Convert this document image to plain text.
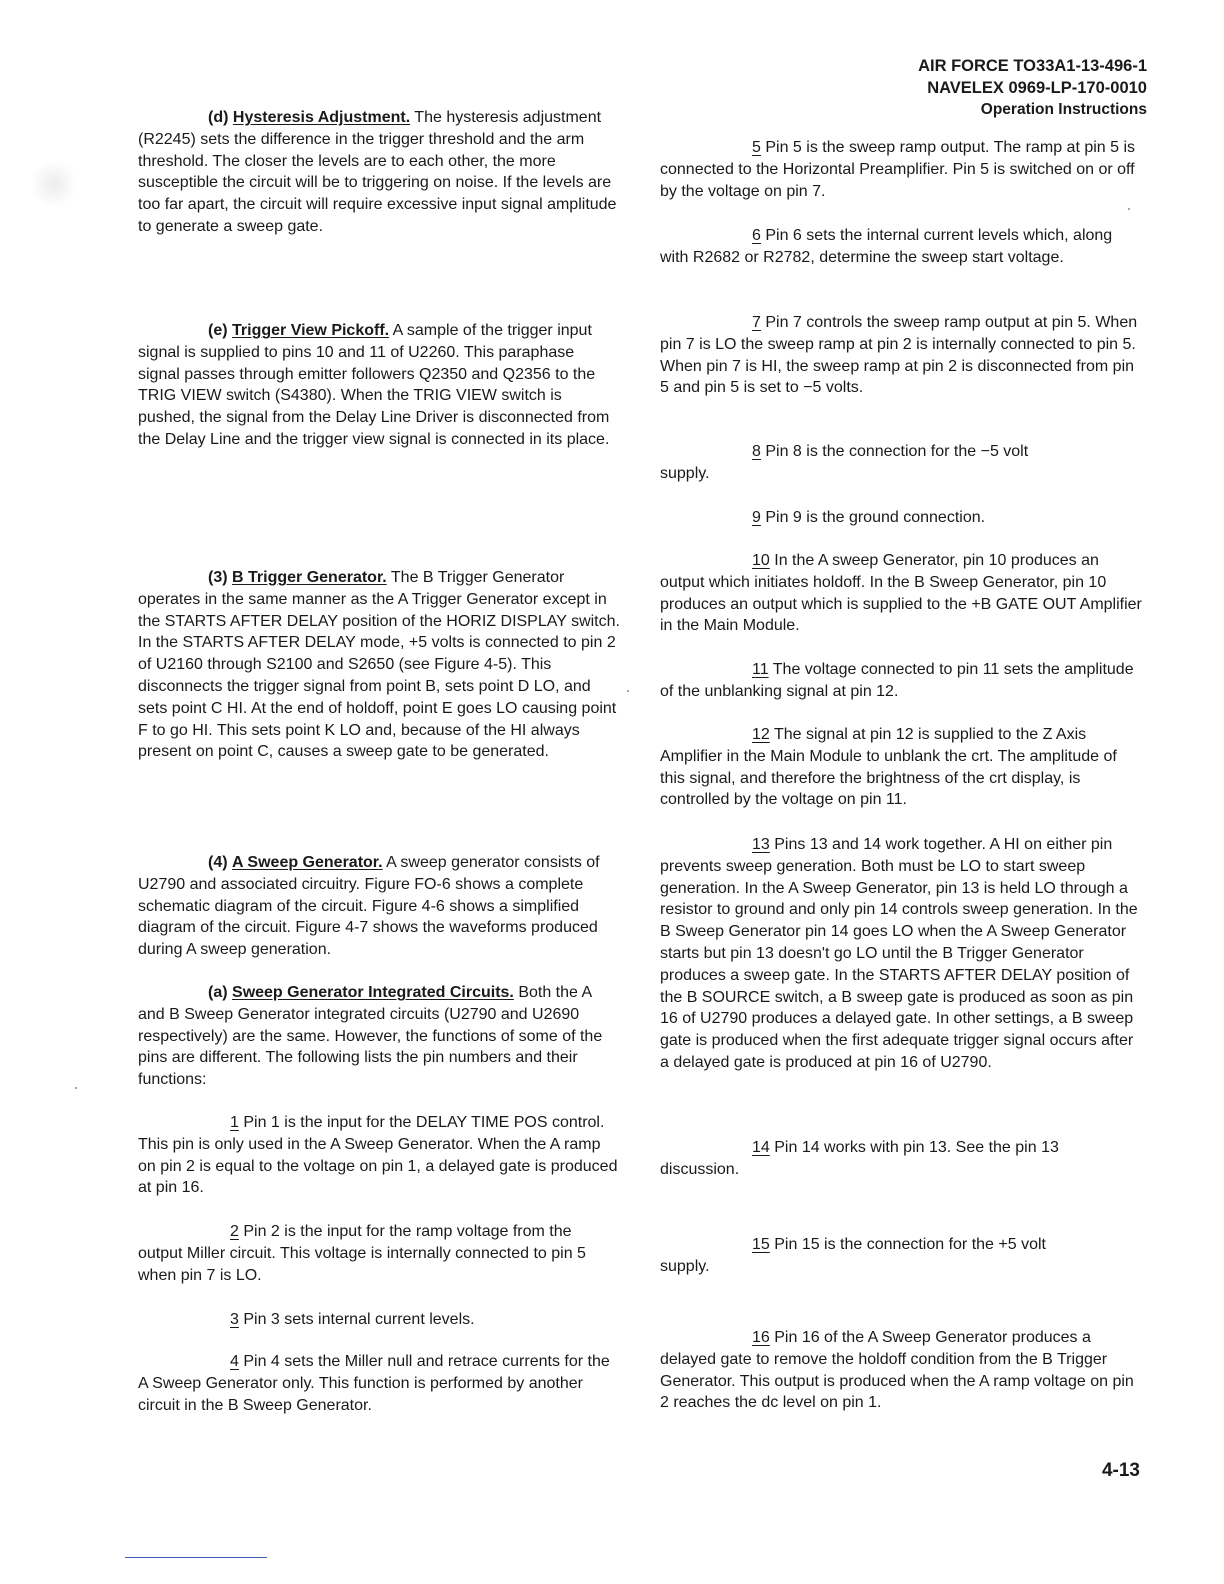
AIR FORCE TO33A1-13-496-1
NAVELEX 0969-LP-170-0010
Operation Instructions

(d) Hysteresis Adjustment. The hysteresis adjustment (R2245) sets the difference in the trigger threshold and the arm threshold. The closer the levels are to each other, the more susceptible the circuit will be to triggering on noise. If the levels are too far apart, the circuit will require excessive input signal amplitude to generate a sweep gate.

(e) Trigger View Pickoff. A sample of the trigger input signal is supplied to pins 10 and 11 of U2260. This paraphase signal passes through emitter followers Q2350 and Q2356 to the TRIG VIEW switch (S4380). When the TRIG VIEW switch is pushed, the signal from the Delay Line Driver is disconnected from the Delay Line and the trigger view signal is connected in its place.

(3) B Trigger Generator. The B Trigger Generator operates in the same manner as the A Trigger Generator except in the STARTS AFTER DELAY position of the HORIZ DISPLAY switch. In the STARTS AFTER DELAY mode, +5 volts is connected to pin 2 of U2160 through S2100 and S2650 (see Figure 4-5). This disconnects the trigger signal from point B, sets point D LO, and sets point C HI. At the end of holdoff, point E goes LO causing point F to go HI. This sets point K LO and, because of the HI always present on point C, causes a sweep gate to be generated.

(4) A Sweep Generator. A sweep generator consists of U2790 and associated circuitry. Figure FO-6 shows a complete schematic diagram of the circuit. Figure 4-6 shows a simplified diagram of the circuit. Figure 4-7 shows the waveforms produced during A sweep generation.

(a) Sweep Generator Integrated Circuits. Both the A and B Sweep Generator integrated circuits (U2790 and U2690 respectively) are the same. However, the functions of some of the pins are different. The following lists the pin numbers and their functions:

1 Pin 1 is the input for the DELAY TIME POS control. This pin is only used in the A Sweep Generator. When the A ramp on pin 2 is equal to the voltage on pin 1, a delayed gate is produced at pin 16.

2 Pin 2 is the input for the ramp voltage from the output Miller circuit. This voltage is internally connected to pin 5 when pin 7 is LO.

3 Pin 3 sets internal current levels.

4 Pin 4 sets the Miller null and retrace currents for the A Sweep Generator only. This function is performed by another circuit in the B Sweep Generator.

5 Pin 5 is the sweep ramp output. The ramp at pin 5 is connected to the Horizontal Preamplifier. Pin 5 is switched on or off by the voltage on pin 7.

6 Pin 6 sets the internal current levels which, along with R2682 or R2782, determine the sweep start voltage.

7 Pin 7 controls the sweep ramp output at pin 5. When pin 7 is LO the sweep ramp at pin 2 is internally connected to pin 5. When pin 7 is HI, the sweep ramp at pin 2 is disconnected from pin 5 and pin 5 is set to −5 volts.

8 Pin 8 is the connection for the −5 volt
supply.

9 Pin 9 is the ground connection.

10 In the A sweep Generator, pin 10 produces an output which initiates holdoff. In the B Sweep Generator, pin 10 produces an output which is supplied to the +B GATE OUT Amplifier in the Main Module.

11 The voltage connected to pin 11 sets the amplitude of the unblanking signal at pin 12.

12 The signal at pin 12 is supplied to the Z Axis Amplifier in the Main Module to unblank the crt. The amplitude of this signal, and therefore the brightness of the crt display, is controlled by the voltage on pin 11.

13 Pins 13 and 14 work together. A HI on either pin prevents sweep generation. Both must be LO to start sweep generation. In the A Sweep Generator, pin 13 is held LO through a resistor to ground and only pin 14 controls sweep generation. In the B Sweep Generator pin 14 goes LO when the A Sweep Generator starts but pin 13 doesn't go LO until the B Trigger Generator produces a sweep gate. In the STARTS AFTER DELAY position of the B SOURCE switch, a B sweep gate is produced as soon as pin 16 of U2790 produces a delayed gate. In other settings, a B sweep gate is produced when the first adequate trigger signal occurs after a delayed gate is produced at pin 16 of U2790.

14 Pin 14 works with pin 13. See the pin 13
discussion.

15 Pin 15 is the connection for the +5 volt
supply.

16 Pin 16 of the A Sweep Generator produces a delayed gate to remove the holdoff condition from the B Trigger Generator. This output is produced when the A ramp voltage on pin 2 reaches the dc level on pin 1.

4-13
